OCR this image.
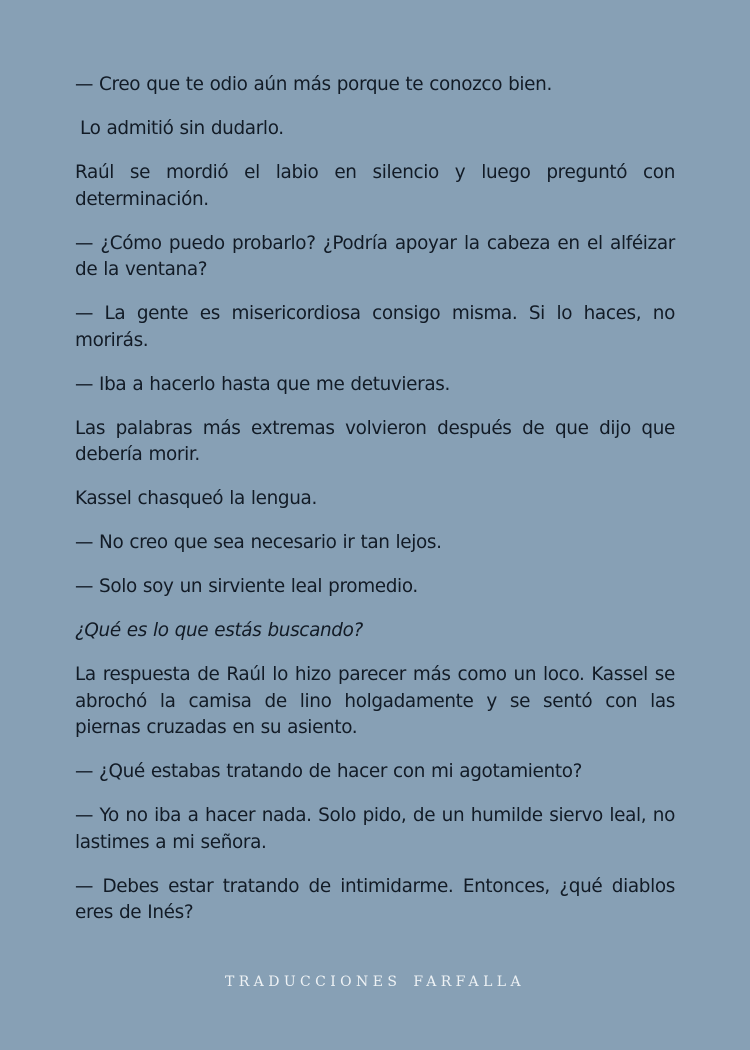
— Creo que te odio aún más porque te conozco bien.

Lo admitió sin dudarlo.

Raúl se mordió el labio en silencio y luego preguntó con determinación.

— ¿Cómo puedo probarlo? ¿Podría apoyar la cabeza en el alféizar de la ventana?

— La gente es misericordiosa consigo misma. Si lo haces, no morirás.

— Iba a hacerlo hasta que me detuvieras.

Las palabras más extremas volvieron después de que dijo que debería morir.

Kassel chasqueó la lengua.

— No creo que sea necesario ir tan lejos.

— Solo soy un sirviente leal promedio.

¿Qué es lo que estás buscando?

La respuesta de Raúl lo hizo parecer más como un loco. Kassel se abrochó la camisa de lino holgadamente y se sentó con las piernas cruzadas en su asiento.

— ¿Qué estabas tratando de hacer con mi agotamiento?

— Yo no iba a hacer nada. Solo pido, de un humilde siervo leal, no lastimes a mi señora.

— Debes estar tratando de intimidarme. Entonces, ¿qué diablos eres de Inés?

TRADUCCIONES FARFALLA
